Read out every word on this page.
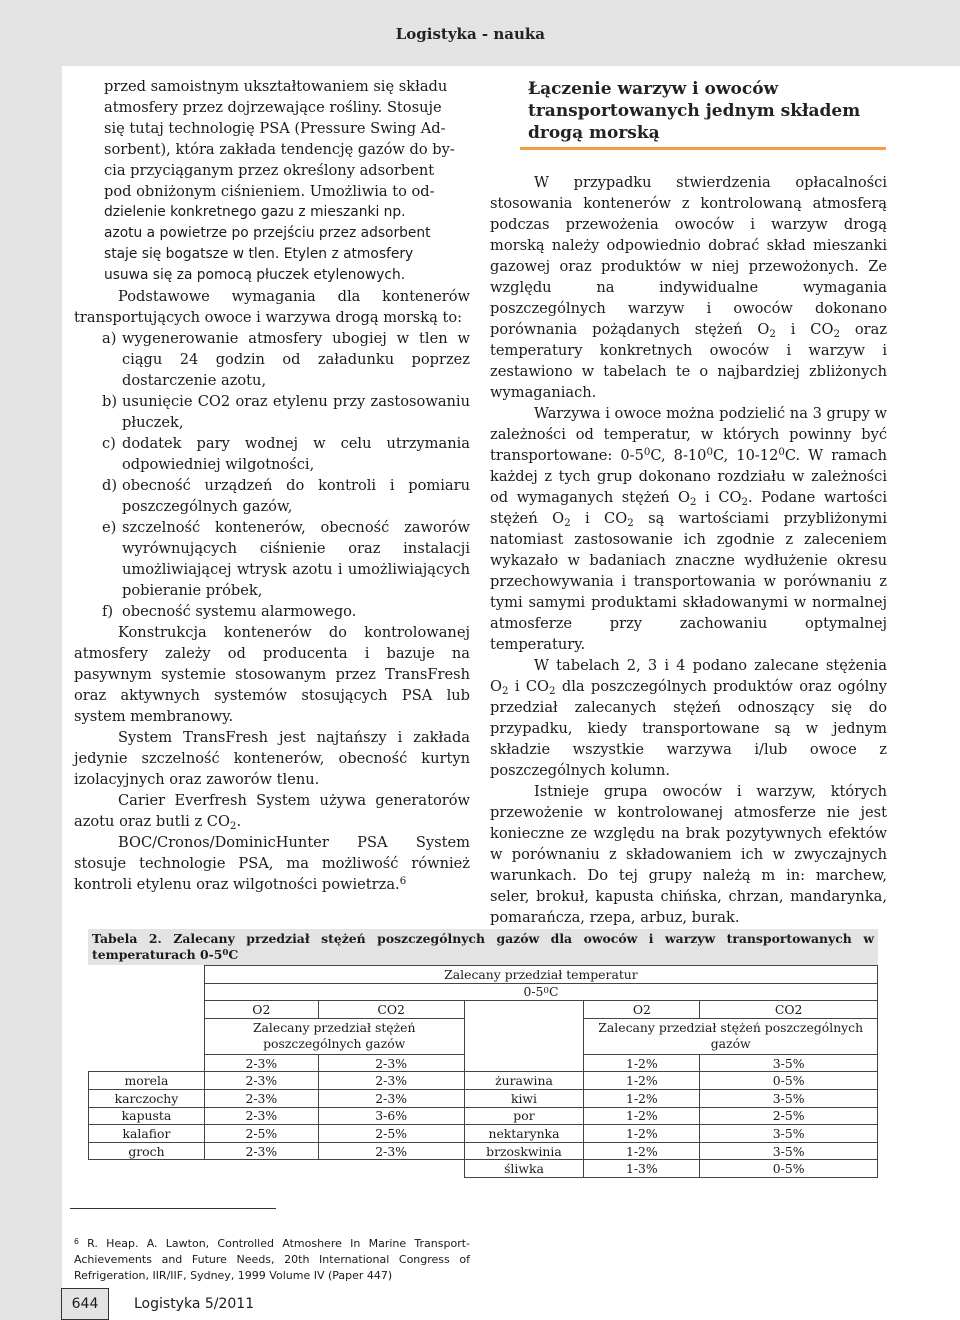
Logistyka - nauka
przed samoistnym ukształtowaniem się składu
atmosfery przez dojrzewające rośliny. Stosuje
się tutaj technologię PSA (Pressure Swing Ad-
sorbent), która zakłada tendencję gazów do by-
cia przyciąganym przez określony adsorbent
pod obniżonym ciśnieniem. Umożliwia to od-
dzielenie konkretnego gazu z mieszanki np.
azotu a powietrze po przejściu przez adsorbent
staje się bogatsze w tlen. Etylen z atmosfery
usuwa się za pomocą płuczek etylenowych.

Podstawowe wymagania dla kontenerów transportujących owoce i warzywa drogą morską to:

a) wygenerowanie atmosfery ubogiej w tlen w ciągu 24 godzin od załadunku poprzez dostarczenie azotu,
b) usunięcie CO2 oraz etylenu przy zastosowaniu płuczek,
c) dodatek pary wodnej w celu utrzymania odpowiedniej wilgotności,
d) obecność urządzeń do kontroli i pomiaru poszczególnych gazów,
e) szczelność kontenerów, obecność zaworów wyrównujących ciśnienie oraz instalacji umożliwiającej wtrysk azotu i umożliwiających pobieranie próbek,
f) obecność systemu alarmowego.

Konstrukcja kontenerów do kontrolowanej atmosfery zależy od producenta i bazuje na pasywnym systemie stosowanym przez TransFresh oraz aktywnych systemów stosujących PSA lub system membranowy.

System TransFresh jest najtańszy i zakłada jedynie szczelność kontenerów, obecność kurtyn izolacyjnych oraz zaworów tlenu.

Carier Everfresh System używa generatorów azotu oraz butli z $CO_2$.

BOC/Cronos/DominicHunter PSA System stosuje technologie PSA, ma możliwość również kontroli etylenu oraz wilgotności powietrza.$^6$

Łączenie warzyw i owoców transportowanych jednym składem drogą morską

W przypadku stwierdzenia opłacalności stosowania kontenerów z kontrolowaną atmosferą podczas przewożenia owoców i warzyw drogą morską należy odpowiednio dobrać skład mieszanki gazowej oraz produktów w niej przewożonych. Ze względu na indywidualne wymagania poszczególnych warzyw i owoców dokonano porównania pożądanych stężeń $O_2$ i $CO_2$ oraz temperatury konkretnych owoców i warzyw i zestawiono w tabelach te o najbardziej zbliżonych wymaganiach.

Warzywa i owoce można podzielić na 3 grupy w zależności od temperatur, w których powinny być transportowane: $0-5^0C$, $8-10^0C$, $10-12^0C$. W ramach każdej z tych grup dokonano rozdziału w zależności od wymaganych stężeń $O_2$ i $CO_2$. Podane wartości stężeń $O_2$ i $CO_2$ są wartościami przybliżonymi natomiast zastosowanie ich zgodnie z zaleceniem wykazało w badaniach znaczne wydłużenie okresu przechowywania i transportowania w porównaniu z tymi samymi produktami składowanymi w normalnej atmosferze przy zachowaniu optymalnej temperatury.

W tabelach 2, 3 i 4 podano zalecane stężenia $O_2$ i $CO_2$ dla poszczególnych produktów oraz ogólny przedział zalecanych stężeń odnoszący się do przypadku, kiedy transportowane są w jednym składzie wszystkie warzywa i/lub owoce z poszczególnych kolumn.

Istnieje grupa owoców i warzyw, których przewożenie w kontrolowanej atmosferze nie jest konieczne ze względu na brak pozytywnych efektów w porównaniu z składowaniem ich w zwyczajnych warunkach. Do tej grupy należą m in: marchew, seler, brokuł, kapusta chińska, chrzan, mandarynka, pomarańcza, rzepa, arbuz, burak.

Tabela 2. Zalecany przedział stężeń poszczególnych gazów dla owoców i warzyw transportowanych w temperaturach $0-5^0C$
	Zalecany przedział temperatur				
	$0-5^0C$				
	O2	CO2		O2	CO2
	Zalecany przedział stężeń poszczególnych gazów			Zalecany przedział stężeń poszczególnych gazów	
	2-3%	2-3%		1-2%	3-5%
morela	2-3%	2-3%	żurawina	1-2%	0-5%
karczochy	2-3%	2-3%	kiwi	1-2%	3-5%
kapusta	2-3%	3-6%	por	1-2%	2-5%
kalafior	2-5%	2-5%	nektarynka	1-2%	3-5%
groch	2-3%	2-3%	brzoskwinia	1-2%	3-5%
			śliwka	1-3%	0-5%
$^6$ R. Heap. A. Lawton, Controlled Atmoshere In Marine Transport-Achievements and Future Needs, 20th International Congress of Refrigeration, IIR/IIF, Sydney, 1999 Volume IV (Paper 447)
644	Logistyka 5/2011
